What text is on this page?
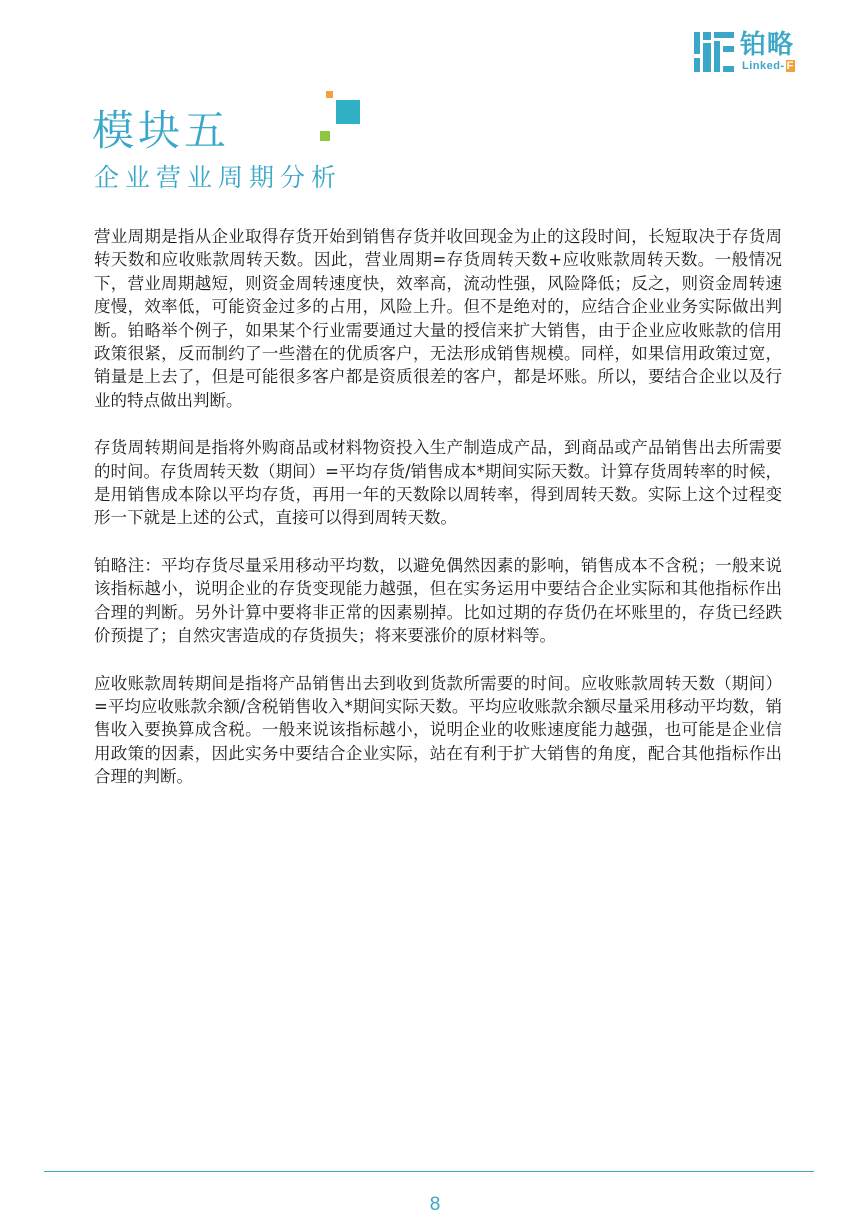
铂略
Linked- F
模块五
企业营业周期分析

营业周期是指从企业取得存货开始到销售存货并收回现金为止的这段时间，长短取决于存货周转天数和应收账款周转天数。因此，营业周期=存货周转天数+应收账款周转天数。一般情况下，营业周期越短，则资金周转速度快，效率高，流动性强，风险降低；反之，则资金周转速度慢，效率低，可能资金过多的占用，风险上升。但不是绝对的，应结合企业业务实际做出判断。铂略举个例子，如果某个行业需要通过大量的授信来扩大销售，由于企业应收账款的信用政策很紧，反而制约了一些潜在的优质客户，无法形成销售规模。同样，如果信用政策过宽，销量是上去了，但是可能很多客户都是资质很差的客户，都是坏账。所以，要结合企业以及行业的特点做出判断。

存货周转期间是指将外购商品或材料物资投入生产制造成产品，到商品或产品销售出去所需要的时间。存货周转天数（期间）=平均存货/销售成本*期间实际天数。计算存货周转率的时候，是用销售成本除以平均存货，再用一年的天数除以周转率，得到周转天数。实际上这个过程变形一下就是上述的公式，直接可以得到周转天数。

铂略注：平均存货尽量采用移动平均数，以避免偶然因素的影响，销售成本不含税；一般来说该指标越小，说明企业的存货变现能力越强，但在实务运用中要结合企业实际和其他指标作出合理的判断。另外计算中要将非正常的因素剔掉。比如过期的存货仍在坏账里的，存货已经跌价预提了；自然灾害造成的存货损失；将来要涨价的原材料等。

应收账款周转期间是指将产品销售出去到收到货款所需要的时间。应收账款周转天数（期间）=平均应收账款余额/含税销售收入*期间实际天数。平均应收账款余额尽量采用移动平均数，销售收入要换算成含税。一般来说该指标越小，说明企业的收账速度能力越强，也可能是企业信用政策的因素，因此实务中要结合企业实际，站在有利于扩大销售的角度，配合其他指标作出合理的判断。

8
